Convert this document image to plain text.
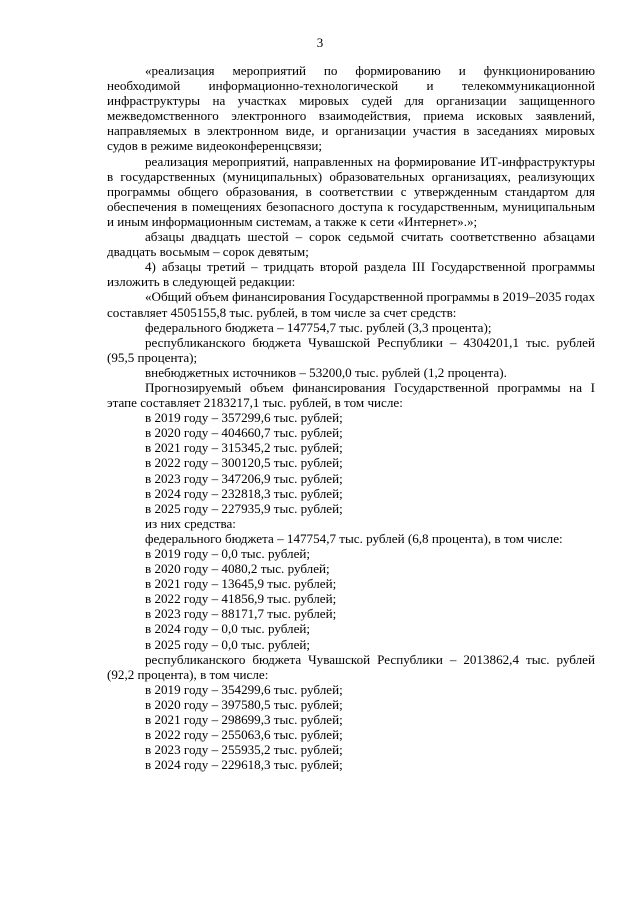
3

«реализация мероприятий по формированию и функционированию необходимой информационно-технологической и телекоммуникационной инфраструктуры на участках мировых судей для организации защищенного межведомственного электронного взаимодействия, приема исковых заявлений, направляемых в электронном виде, и организации участия в заседаниях мировых судов в режиме видеоконференцсвязи;

реализация мероприятий, направленных на формирование ИТ-инфраструктуры в государственных (муниципальных) образовательных организациях, реализующих программы общего образования, в соответствии с утвержденным стандартом для обеспечения в помещениях безопасного доступа к государственным, муниципальным и иным информационным системам, а также к сети «Интернет».»;

абзацы двадцать шестой – сорок седьмой считать соответственно абзацами двадцать восьмым – сорок девятым;

4) абзацы третий – тридцать второй раздела III Государственной программы изложить в следующей редакции:

«Общий объем финансирования Государственной программы в 2019–2035 годах составляет 4505155,8 тыс. рублей, в том числе за счет средств:

федерального бюджета – 147754,7 тыс. рублей (3,3 процента);

республиканского бюджета Чувашской Республики – 4304201,1 тыс. рублей (95,5 процента);

внебюджетных источников – 53200,0 тыс. рублей (1,2 процента).

Прогнозируемый объем финансирования Государственной программы на I этапе составляет 2183217,1 тыс. рублей, в том числе:

в 2019 году – 357299,6 тыс. рублей;

в 2020 году – 404660,7 тыс. рублей;

в 2021 году – 315345,2 тыс. рублей;

в 2022 году – 300120,5 тыс. рублей;

в 2023 году – 347206,9 тыс. рублей;

в 2024 году – 232818,3 тыс. рублей;

в 2025 году – 227935,9 тыс. рублей;

из них средства:

федерального бюджета – 147754,7 тыс. рублей (6,8 процента), в том числе:

в 2019 году – 0,0 тыс. рублей;

в 2020 году – 4080,2 тыс. рублей;

в 2021 году – 13645,9 тыс. рублей;

в 2022 году – 41856,9 тыс. рублей;

в 2023 году – 88171,7 тыс. рублей;

в 2024 году – 0,0 тыс. рублей;

в 2025 году – 0,0 тыс. рублей;

республиканского бюджета Чувашской Республики – 2013862,4 тыс. рублей (92,2 процента), в том числе:

в 2019 году – 354299,6 тыс. рублей;

в 2020 году – 397580,5 тыс. рублей;

в 2021 году – 298699,3 тыс. рублей;

в 2022 году – 255063,6 тыс. рублей;

в 2023 году – 255935,2 тыс. рублей;

в 2024 году – 229618,3 тыс. рублей;
